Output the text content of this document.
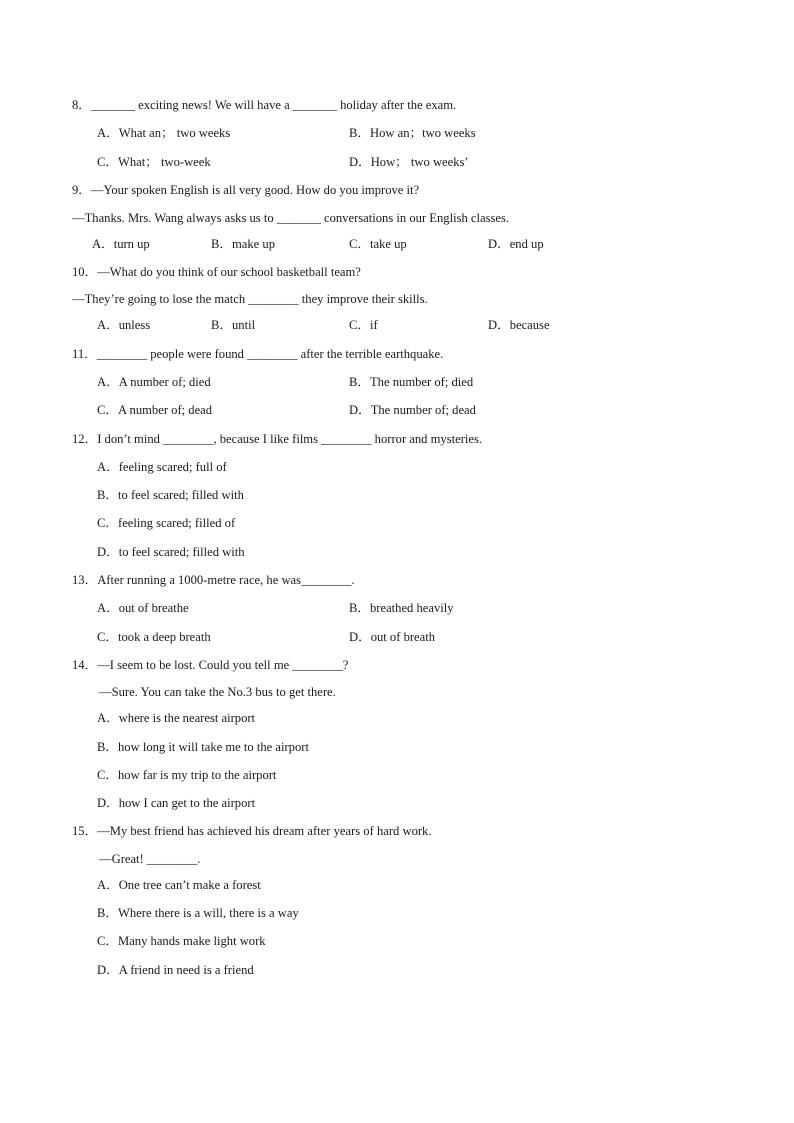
8．_______ exciting news! We will have a _______ holiday after the exam.
A．What an； two weeks	B．How an；two weeks
C．What； two-week	D．How； two weeks’
9．—Your spoken English is all very good. How do you improve it?
—Thanks. Mrs. Wang always asks us to _______ conversations in our English classes.
A．turn up	B．make up	C．take up	D．end up
10．—What do you think of our school basketball team?
—They’re going to lose the match ________ they improve their skills.
A．unless	B．until	C．if	D．because
11．________ people were found ________ after the terrible earthquake.
A．A number of; died	B．The number of; died
C．A number of; dead	D．The number of; dead
12．I don’t mind ________, because I like films ________ horror and mysteries.
A．feeling scared; full of
B．to feel scared; filled with
C．feeling scared; filled of
D．to feel scared; filled with
13．After running a 1000-metre race, he was________.
A．out of breathe	B．breathed heavily
C．took a deep breath	D．out of breath
14．—I seem to be lost. Could you tell me ________?
—Sure. You can take the No.3 bus to get there.
A．where is the nearest airport
B．how long it will take me to the airport
C．how far is my trip to the airport
D．how I can get to the airport
15．—My best friend has achieved his dream after years of hard work.
—Great! ________.
A．One tree can’t make a forest
B．Where there is a will, there is a way
C．Many hands make light work
D．A friend in need is a friend
